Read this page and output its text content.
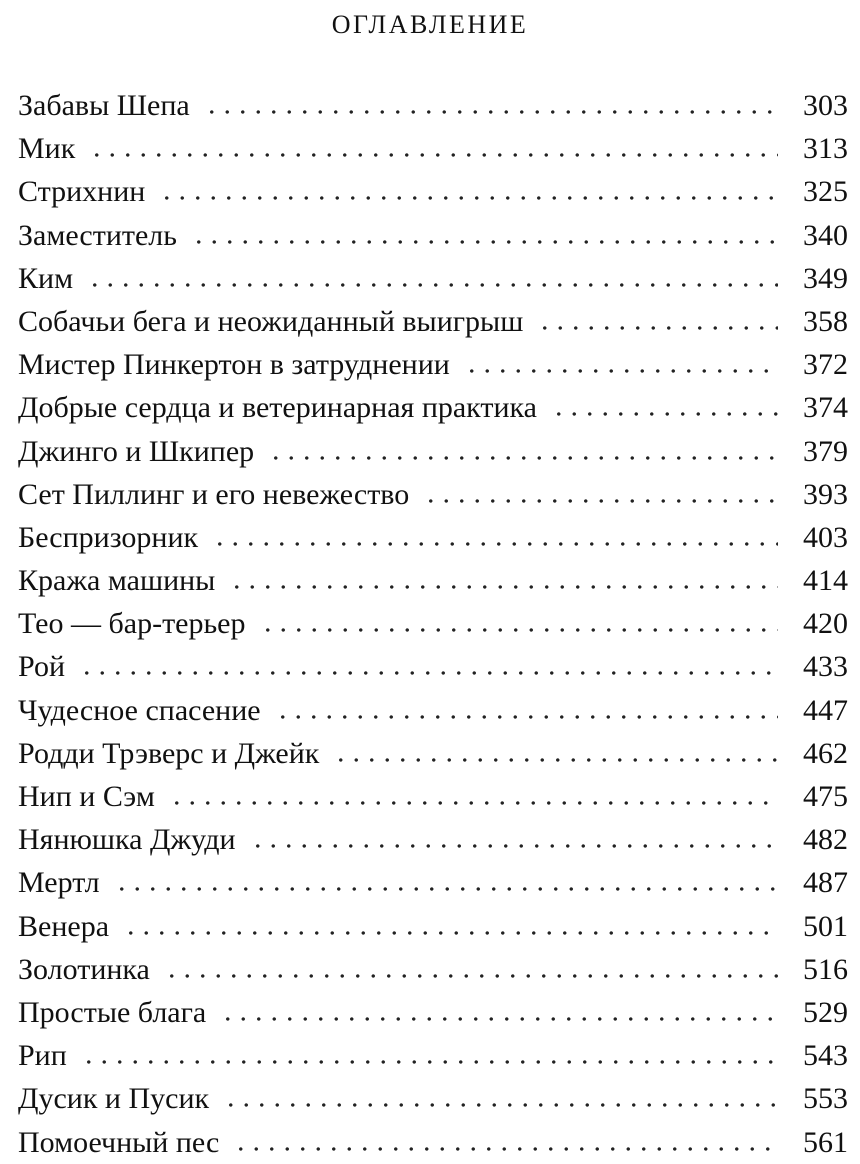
ОГЛАВЛЕНИЕ
Забавы Шепа	303
Мик	313
Стрихнин	325
Заместитель	340
Ким	349
Собачьи бега и неожиданный выигрыш	358
Мистер Пинкертон в затруднении	372
Добрые сердца и ветеринарная практика	374
Джинго и Шкипер	379
Сет Пиллинг и его невежество	393
Беспризорник	403
Кража машины	414
Тео — бар-терьер	420
Рой	433
Чудесное спасение	447
Родди Трэверс и Джейк	462
Нип и Сэм	475
Нянюшка Джуди	482
Мертл	487
Венера	501
Золотинка	516
Простые блага	529
Рип	543
Дусик и Пусик	553
Помоечный пес	561
